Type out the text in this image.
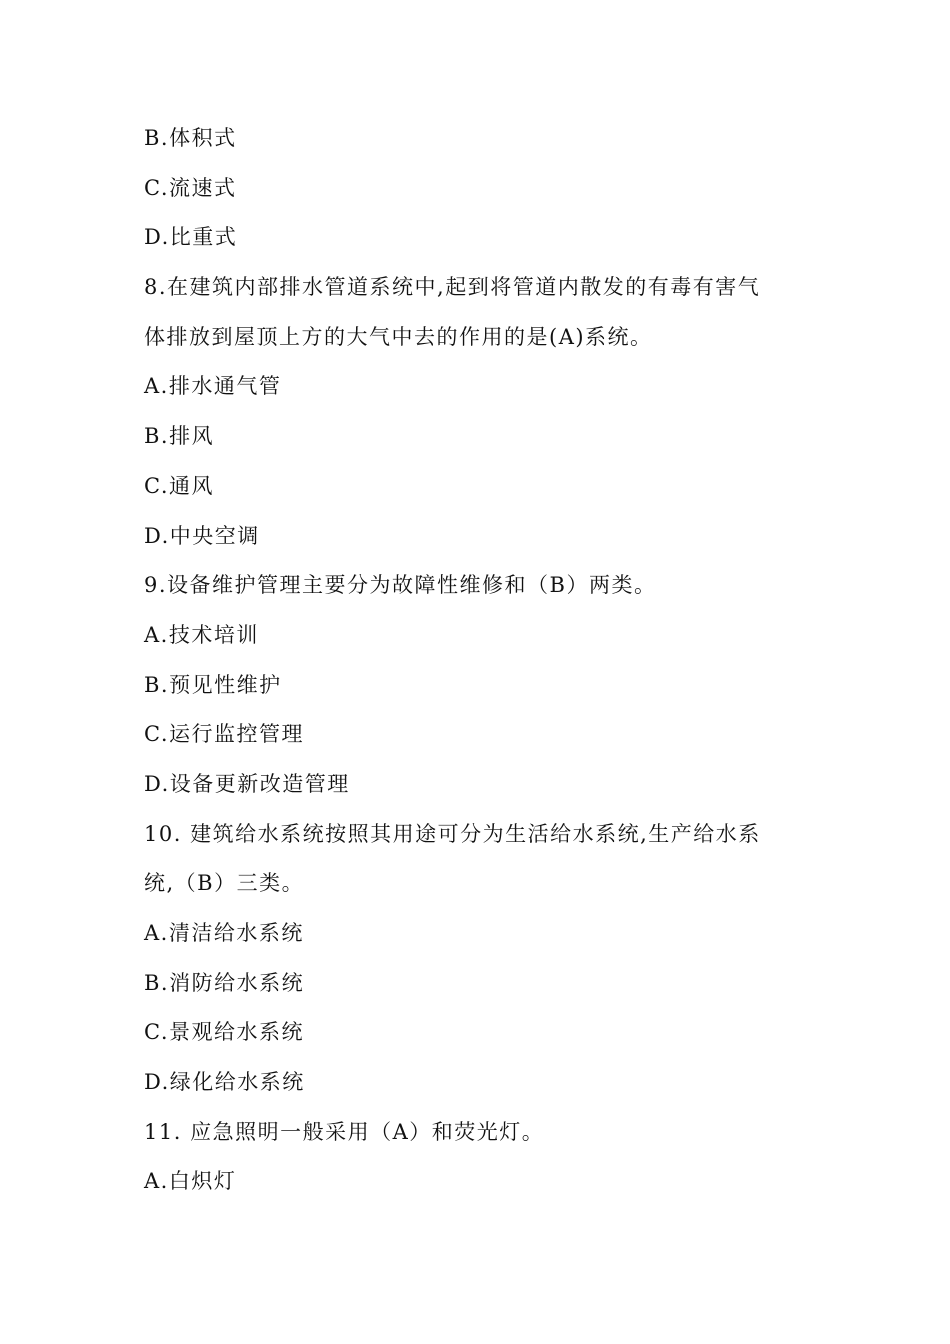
B.体积式
C.流速式
D.比重式
8.在建筑内部排水管道系统中,起到将管道内散发的有毒有害气
体排放到屋顶上方的大气中去的作用的是(A)系统。
A.排水通气管
B.排风
C.通风
D.中央空调
9.设备维护管理主要分为故障性维修和（B）两类。
A.技术培训
B.预见性维护
C.运行监控管理
D.设备更新改造管理
10. 建筑给水系统按照其用途可分为生活给水系统,生产给水系
统,（B）三类。
A.清洁给水系统
B.消防给水系统
C.景观给水系统
D.绿化给水系统
11. 应急照明一般采用（A）和荧光灯。
A.白炽灯
